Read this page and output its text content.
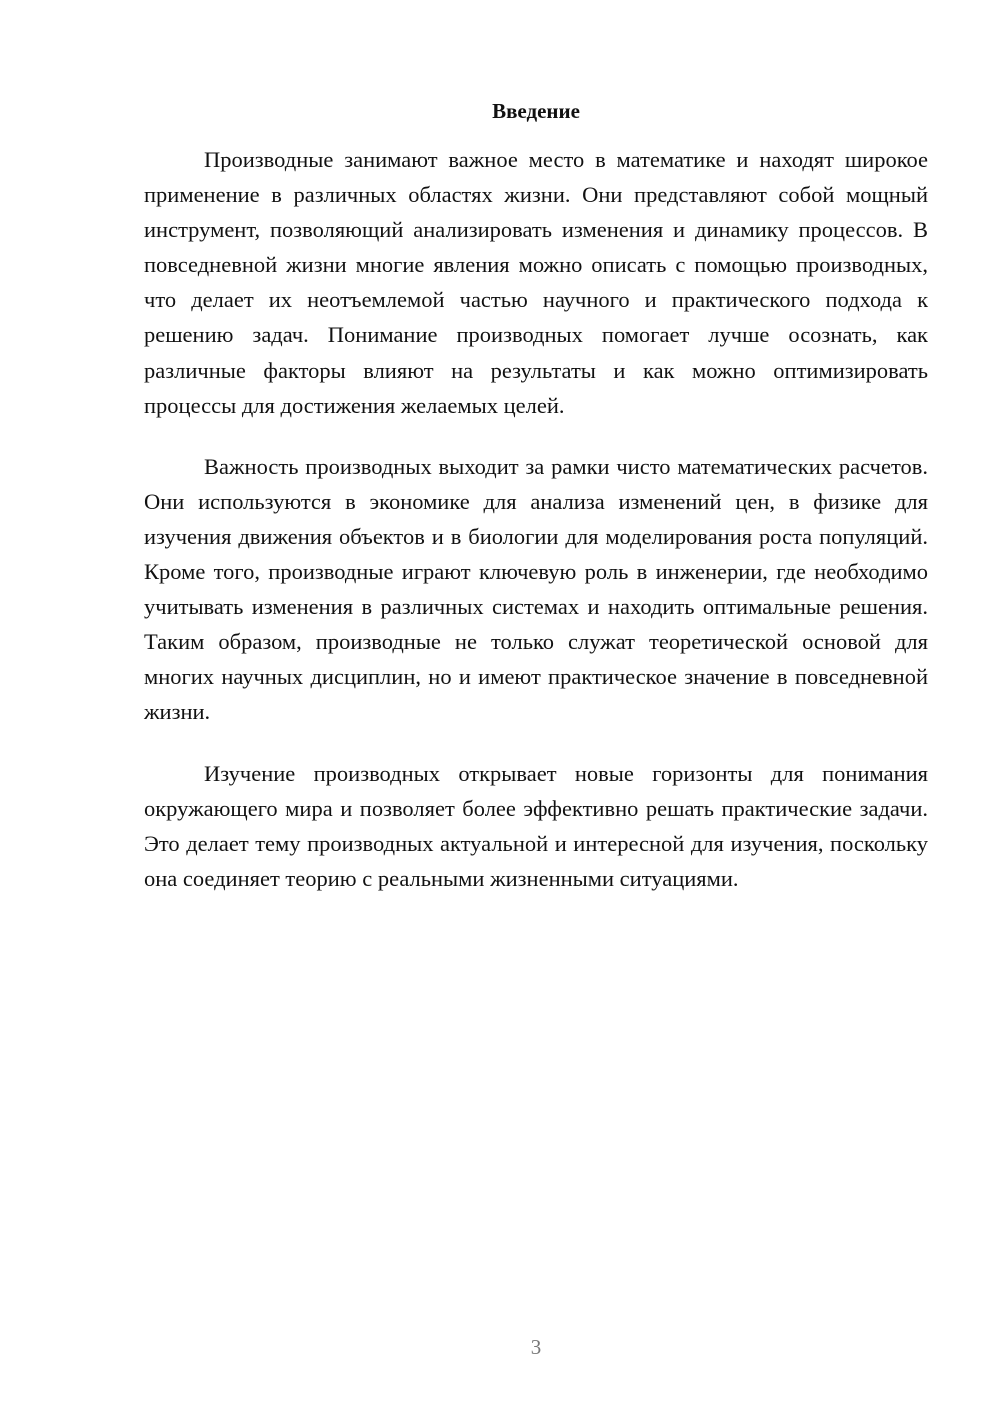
Введение

Производные занимают важное место в математике и находят широкое применение в различных областях жизни. Они представляют собой мощный инструмент, позволяющий анализировать изменения и динамику процессов. В повседневной жизни многие явления можно описать с помощью производных, что делает их неотъемлемой частью научного и практического подхода к решению задач. Понимание производных помогает лучше осознать, как различные факторы влияют на результаты и как можно оптимизировать процессы для достижения желаемых целей.

Важность производных выходит за рамки чисто математических расчетов. Они используются в экономике для анализа изменений цен, в физике для изучения движения объектов и в биологии для моделирования роста популяций. Кроме того, производные играют ключевую роль в инженерии, где необходимо учитывать изменения в различных системах и находить оптимальные решения. Таким образом, производные не только служат теоретической основой для многих научных дисциплин, но и имеют практическое значение в повседневной жизни.

Изучение производных открывает новые горизонты для понимания окружающего мира и позволяет более эффективно решать практические задачи. Это делает тему производных актуальной и интересной для изучения, поскольку она соединяет теорию с реальными жизненными ситуациями.

3
